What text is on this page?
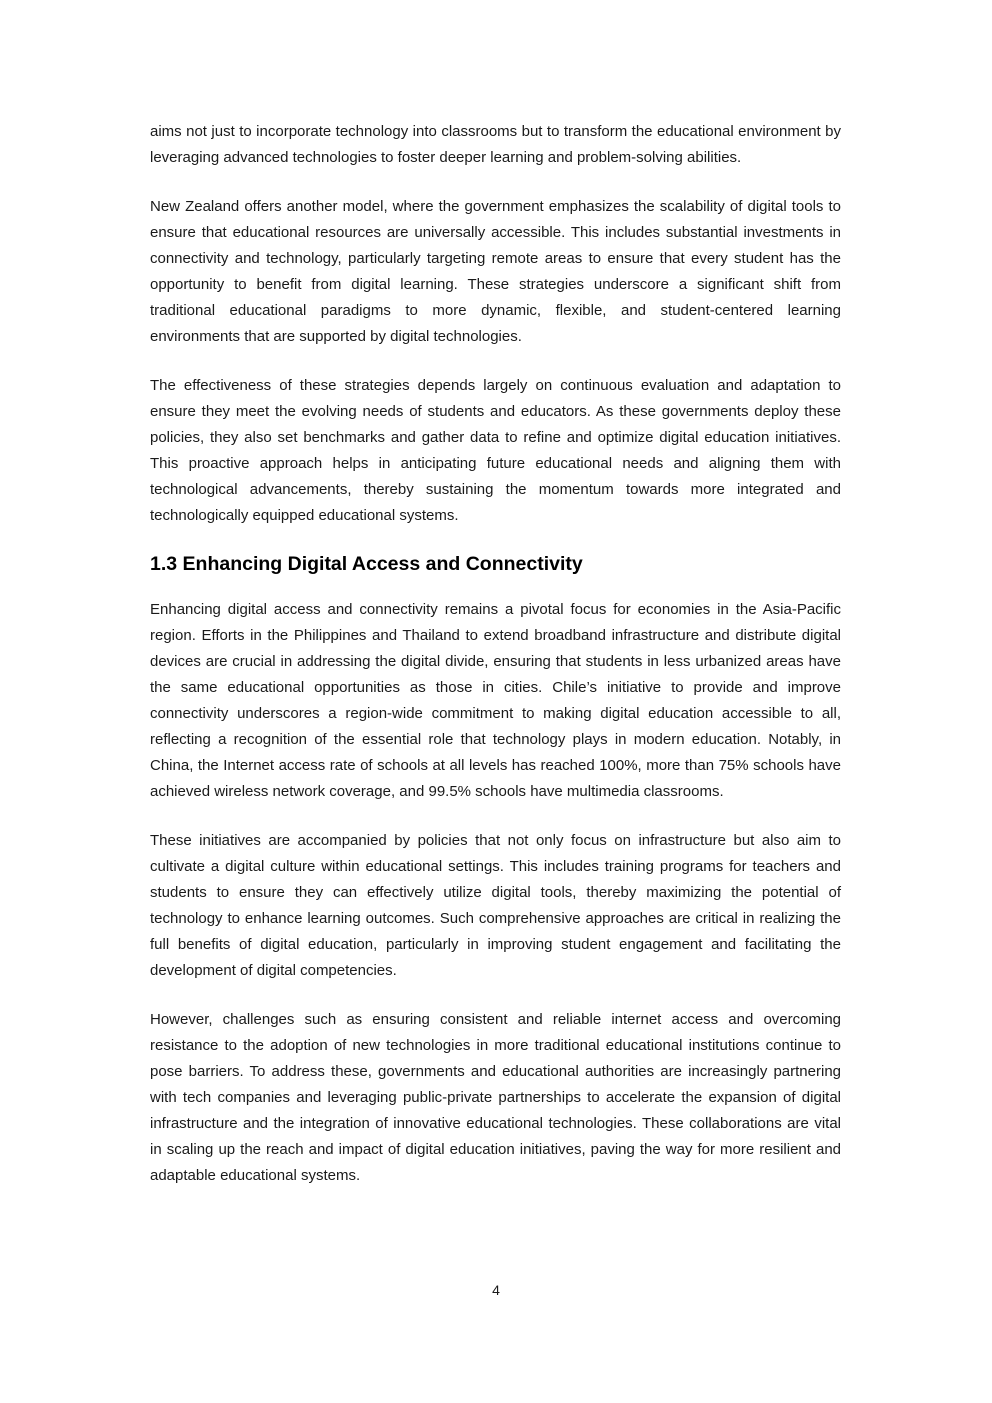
aims not just to incorporate technology into classrooms but to transform the educational environment by leveraging advanced technologies to foster deeper learning and problem-solving abilities.

New Zealand offers another model, where the government emphasizes the scalability of digital tools to ensure that educational resources are universally accessible. This includes substantial investments in connectivity and technology, particularly targeting remote areas to ensure that every student has the opportunity to benefit from digital learning. These strategies underscore a significant shift from traditional educational paradigms to more dynamic, flexible, and student-centered learning environments that are supported by digital technologies.

The effectiveness of these strategies depends largely on continuous evaluation and adaptation to ensure they meet the evolving needs of students and educators. As these governments deploy these policies, they also set benchmarks and gather data to refine and optimize digital education initiatives. This proactive approach helps in anticipating future educational needs and aligning them with technological advancements, thereby sustaining the momentum towards more integrated and technologically equipped educational systems.

1.3 Enhancing Digital Access and Connectivity

Enhancing digital access and connectivity remains a pivotal focus for economies in the Asia-Pacific region. Efforts in the Philippines and Thailand to extend broadband infrastructure and distribute digital devices are crucial in addressing the digital divide, ensuring that students in less urbanized areas have the same educational opportunities as those in cities. Chile’s initiative to provide and improve connectivity underscores a region-wide commitment to making digital education accessible to all, reflecting a recognition of the essential role that technology plays in modern education. Notably, in China, the Internet access rate of schools at all levels has reached 100%, more than 75% schools have achieved wireless network coverage, and 99.5% schools have multimedia classrooms.

These initiatives are accompanied by policies that not only focus on infrastructure but also aim to cultivate a digital culture within educational settings. This includes training programs for teachers and students to ensure they can effectively utilize digital tools, thereby maximizing the potential of technology to enhance learning outcomes. Such comprehensive approaches are critical in realizing the full benefits of digital education, particularly in improving student engagement and facilitating the development of digital competencies.

However, challenges such as ensuring consistent and reliable internet access and overcoming resistance to the adoption of new technologies in more traditional educational institutions continue to pose barriers. To address these, governments and educational authorities are increasingly partnering with tech companies and leveraging public-private partnerships to accelerate the expansion of digital infrastructure and the integration of innovative educational technologies. These collaborations are vital in scaling up the reach and impact of digital education initiatives, paving the way for more resilient and adaptable educational systems.

4
